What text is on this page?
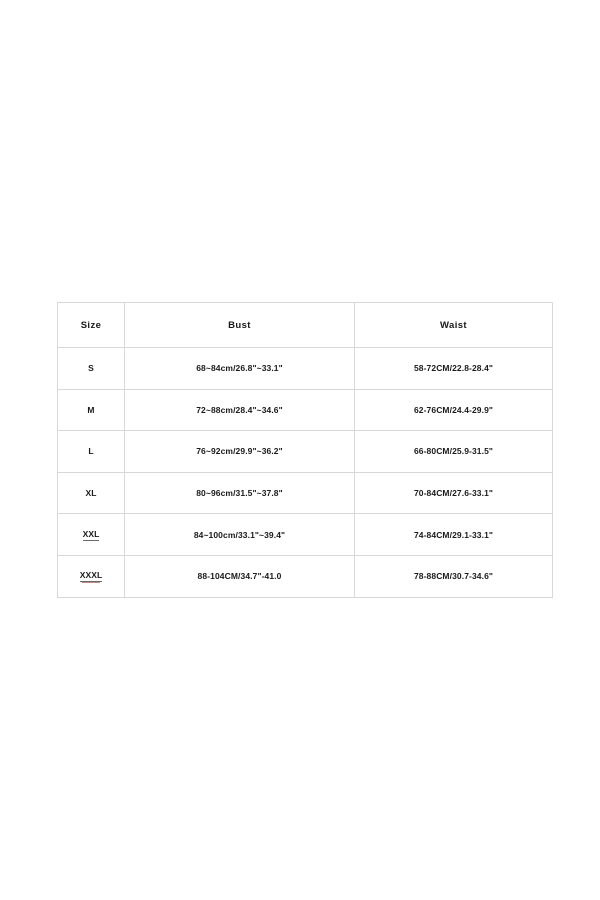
Size	Bust	Waist
S	68~84cm/26.8"~33.1"	58-72CM/22.8-28.4"
M	72~88cm/28.4"~34.6"	62-76CM/24.4-29.9"
L	76~92cm/29.9"~36.2"	66-80CM/25.9-31.5"
XL	80~96cm/31.5"~37.8"	70-84CM/27.6-33.1"
XXL	84~100cm/33.1"~39.4"	74-84CM/29.1-33.1"
XXXL	88-104CM/34.7"-41.0	78-88CM/30.7-34.6"
